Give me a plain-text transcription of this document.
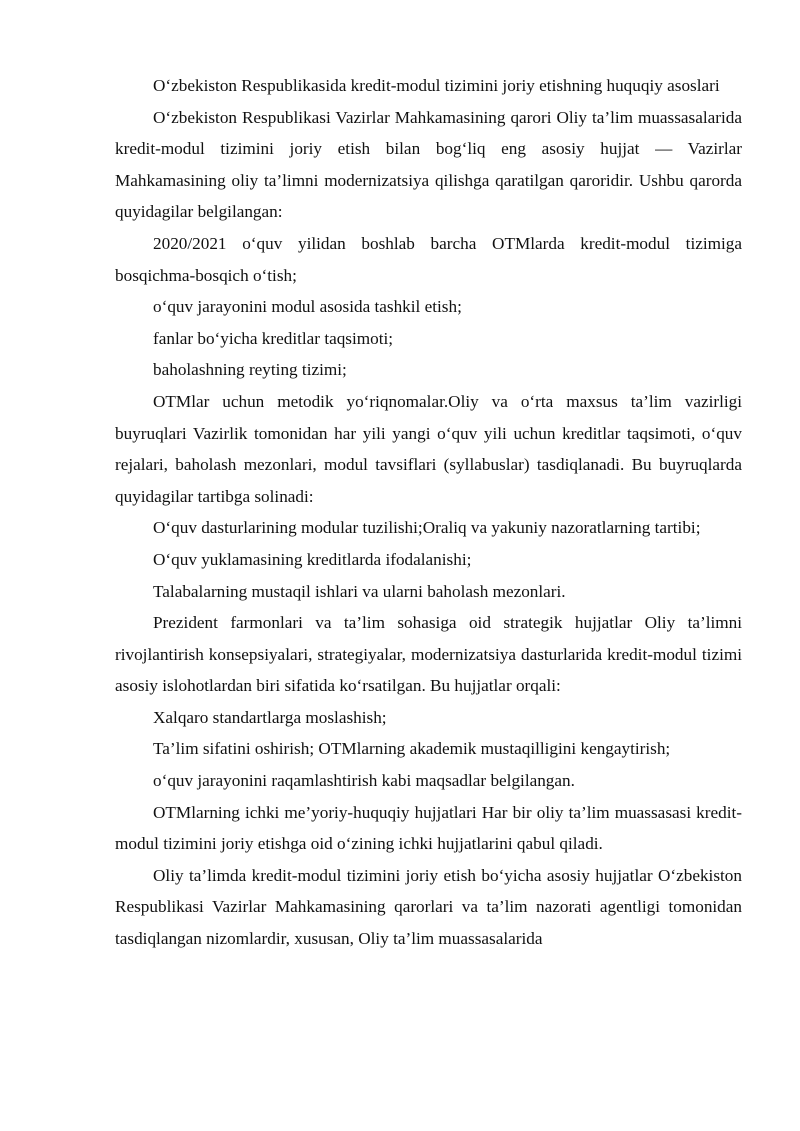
O‘zbekiston Respublikasida kredit-modul tizimini joriy etishning huquqiy asoslari

O‘zbekiston Respublikasi Vazirlar Mahkamasining qarori Oliy ta’lim muassasalarida kredit-modul tizimini joriy etish bilan bog‘liq eng asosiy hujjat — Vazirlar Mahkamasining oliy ta’limni modernizatsiya qilishga qaratilgan qaroridir. Ushbu qarorda quyidagilar belgilangan:

2020/2021 o‘quv yilidan boshlab barcha OTMlarda kredit-modul tizimiga bosqichma-bosqich o‘tish;

o‘quv jarayonini modul asosida tashkil etish;

fanlar bo‘yicha kreditlar taqsimoti;

baholashning reyting tizimi;

OTMlar uchun metodik yo‘riqnomalar.Oliy va o‘rta maxsus ta’lim vazirligi buyruqlari Vazirlik tomonidan har yili yangi o‘quv yili uchun kreditlar taqsimoti, o‘quv rejalari, baholash mezonlari, modul tavsiflari (syllabuslar) tasdiqlanadi. Bu buyruqlarda quyidagilar tartibga solinadi:

O‘quv dasturlarining modular tuzilishi;Oraliq va yakuniy nazoratlarning tartibi;

O‘quv yuklamasining kreditlarda ifodalanishi;

Talabalarning mustaqil ishlari va ularni baholash mezonlari.

Prezident farmonlari va ta’lim sohasiga oid strategik hujjatlar Oliy ta’limni rivojlantirish konsepsiyalari, strategiyalar, modernizatsiya dasturlarida kredit-modul tizimi asosiy islohotlardan biri sifatida ko‘rsatilgan. Bu hujjatlar orqali:

Xalqaro standartlarga moslashish;

Ta’lim sifatini oshirish; OTMlarning akademik mustaqilligini kengaytirish;

o‘quv jarayonini raqamlashtirish kabi maqsadlar belgilangan.

OTMlarning ichki me’yoriy-huquqiy hujjatlari Har bir oliy ta’lim muassasasi kredit-modul tizimini joriy etishga oid o‘zining ichki hujjatlarini qabul qiladi.

Oliy ta’limda kredit-modul tizimini joriy etish bo‘yicha asosiy hujjatlar O‘zbekiston Respublikasi Vazirlar Mahkamasining qarorlari va ta’lim nazorati agentligi tomonidan tasdiqlangan nizomlardir, xususan, Oliy ta’lim muassasalarida
